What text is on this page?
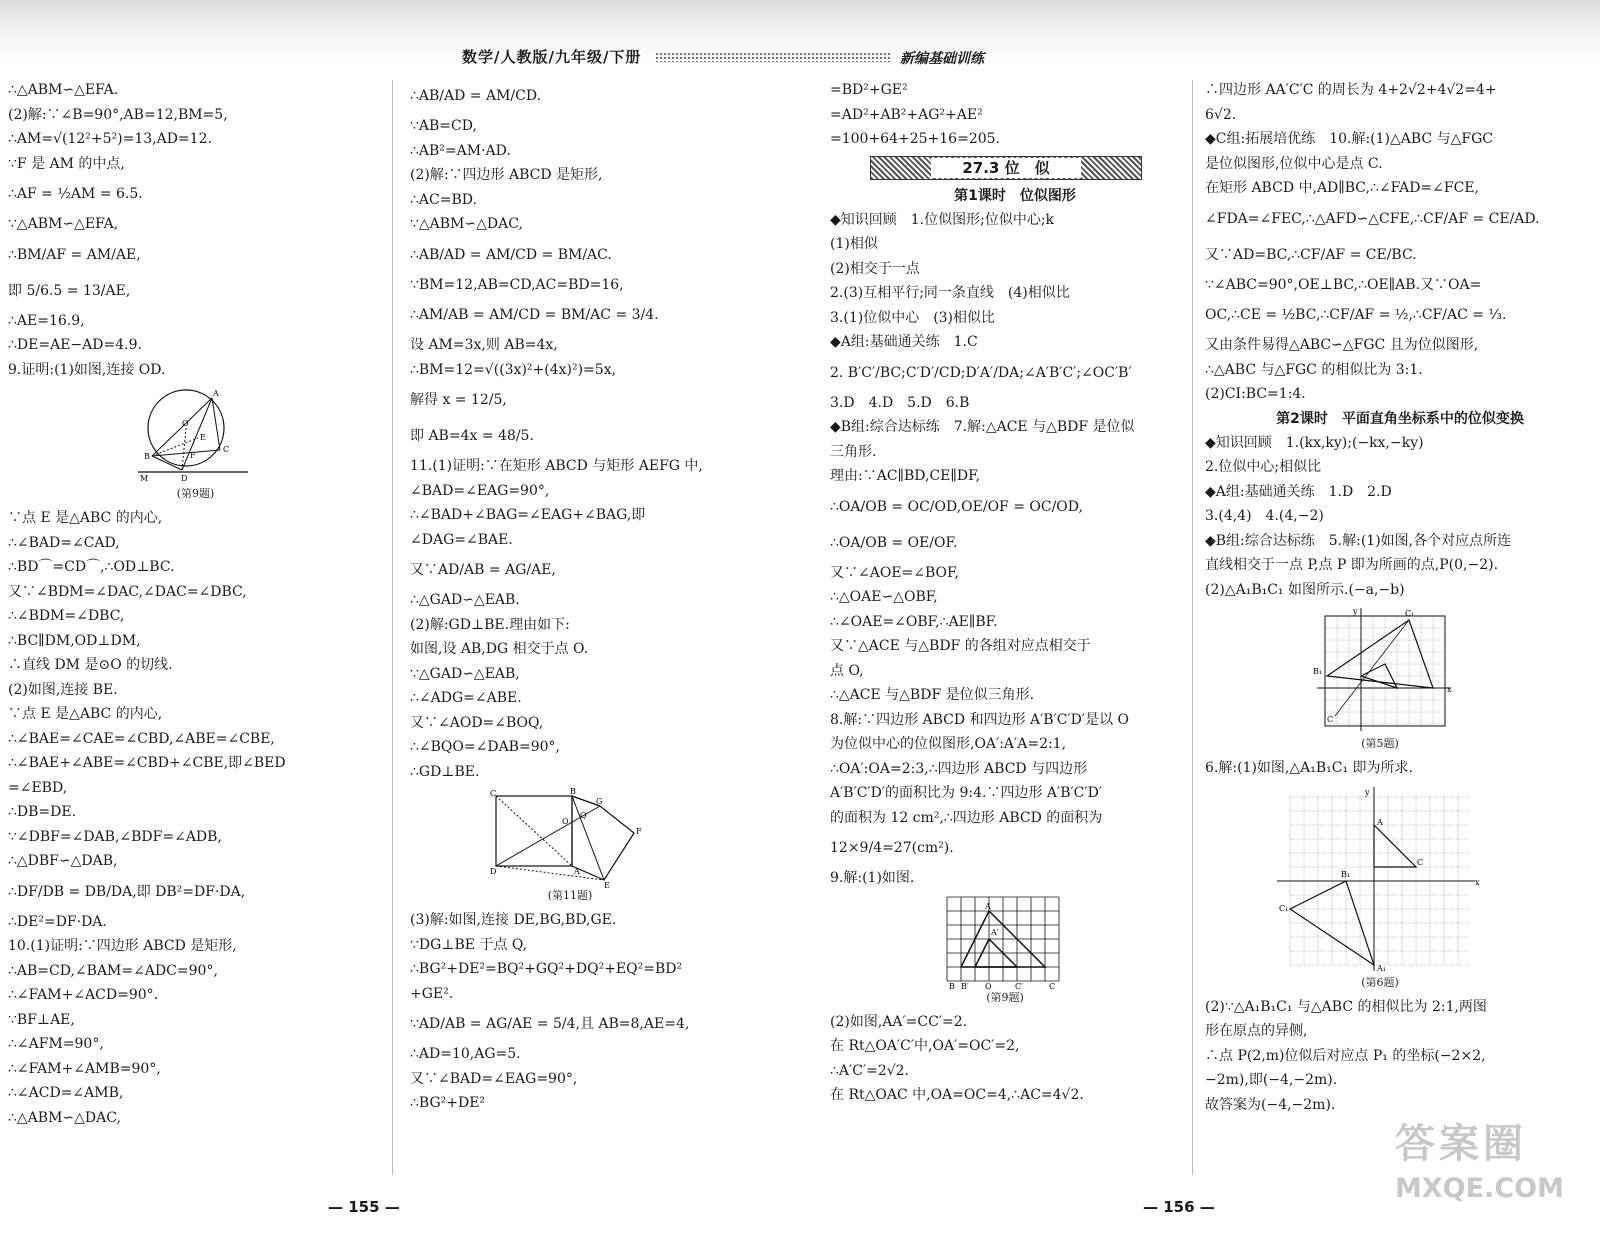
数学/人教版/九年级/下册	新编基础训练
∴△ABM∽△EFA.
(2)解:∵∠B=90°,AB=12,BM=5,
∴AM=√(12²+5²)=13,AD=12.
∵F 是 AM 的中点,
∴AF = ½AM = 6.5.
∵△ABM∽△EFA,
∴BM/AF = AM/AE,
即 5/6.5 = 13/AE,
∴AE=16.9,
∴DE=AE−AD=4.9.
9.证明:(1)如图,连接 OD.
A
B
C
D
E
F
O
M
(第9题)
∵点 E 是△ABC 的内心,
∴∠BAD=∠CAD,
∴BD⌒=CD⌒,∴OD⊥BC.
又∵∠BDM=∠DAC,∠DAC=∠DBC,
∴∠BDM=∠DBC,
∴BC∥DM,OD⊥DM,
∴直线 DM 是⊙O 的切线.
(2)如图,连接 BE.
∵点 E 是△ABC 的内心,
∴∠BAE=∠CAE=∠CBD,∠ABE=∠CBE,
∴∠BAE+∠ABE=∠CBD+∠CBE,即∠BED
=∠EBD,
∴DB=DE.
∵∠DBF=∠DAB,∠BDF=∠ADB,
∴△DBF∽△DAB,
∴DF/DB = DB/DA,即 DB²=DF·DA,
∴DE²=DF·DA.
10.(1)证明:∵四边形 ABCD 是矩形,
∴AB=CD,∠BAM=∠ADC=90°,
∴∠FAM+∠ACD=90°.
∵BF⊥AE,
∴∠AFM=90°,
∴∠FAM+∠AMB=90°,
∴∠ACD=∠AMB,
∴△ABM∽△DAC,
∴AB/AD = AM/CD.
∵AB=CD,
∴AB²=AM·AD.
(2)解:∵四边形 ABCD 是矩形,
∴AC=BD.
∵△ABM∽△DAC,
∴AB/AD = AM/CD = BM/AC.
∵BM=12,AB=CD,AC=BD=16,
∴AM/AB = AM/CD = BM/AC = 3/4.
设 AM=3x,则 AB=4x,
∴BM=12=√((3x)²+(4x)²)=5x,
解得 x = 12/5,
即 AB=4x = 48/5.
11.(1)证明:∵在矩形 ABCD 与矩形 AEFG 中,
∠BAD=∠EAG=90°,
∴∠BAD+∠BAG=∠EAG+∠BAG,即
∠DAG=∠BAE.
又∵AD/AB = AG/AE,
∴△GAD∽△EAB.
(2)解:GD⊥BE.理由如下:
如图,设 AB,DG 相交于点 O.
∵△GAD∽△EAB,
∴∠ADG=∠ABE.
又∵∠AOD=∠BOQ,
∴∠BQO=∠DAB=90°,
∴GD⊥BE.
C	B
G
F
E
D	A
O
Q
(第11题)
(3)解:如图,连接 DE,BG,BD,GE.
∵DG⊥BE 于点 Q,
∴BG²+DE²=BQ²+GQ²+DQ²+EQ²=BD²
+GE².
∵AD/AB = AG/AE = 5/4,且 AB=8,AE=4,
∴AD=10,AG=5.
又∵∠BAD=∠EAG=90°,
∴BG²+DE²
=BD²+GE²
=AD²+AB²+AG²+AE²
=100+64+25+16=205.
27.3 位　似
第1课时　位似图形
◆知识回顾　1.位似图形;位似中心;k
(1)相似
(2)相交于一点
2.(3)互相平行;同一条直线　(4)相似比
3.(1)位似中心　(3)相似比
◆A组:基础通关练　1.C
2. B′C′/BC;C′D′/CD;D′A′/DA;∠A′B′C′;∠OC′B′
3.D　4.D　5.D　6.B
◆B组:综合达标练　7.解:△ACE 与△BDF 是位似
三角形.
理由:∵AC∥BD,CE∥DF,
∴OA/OB = OC/OD,OE/OF = OC/OD,
∴OA/OB = OE/OF.
又∵∠AOE=∠BOF,
∴△OAE∽△OBF,
∴∠OAE=∠OBF,∴AE∥BF.
又∵△ACE 与△BDF 的各组对应点相交于
点 O,
∴△ACE 与△BDF 是位似三角形.
8.解:∵四边形 ABCD 和四边形 A′B′C′D′是以 O
为位似中心的位似图形,OA′:A′A=2:1,
∴OA′:OA=2:3,∴四边形 ABCD 与四边形
A′B′C′D′的面积比为 9:4.∵四边形 A′B′C′D′
的面积为 12 cm²,∴四边形 ABCD 的面积为
12×9/4=27(cm²).
9.解:(1)如图.
A
A′
B B′ O	C′	C
(第9题)
(2)如图,AA′=CC′=2.
在 Rt△OA′C′中,OA′=OC′=2,
∴A′C′=2√2.
在 Rt△OAC 中,OA=OC=4,∴AC=4√2.
∴四边形 AA′C′C 的周长为 4+2√2+4√2=4+
6√2.
◆C组:拓展培优练　10.解:(1)△ABC 与△FGC
是位似图形,位似中心是点 C.
在矩形 ABCD 中,AD∥BC,∴∠FAD=∠FCE,
∠FDA=∠FEC,∴△AFD∽△CFE,∴CF/AF = CE/AD.
又∵AD=BC,∴CF/AF = CE/BC.
∵∠ABC=90°,OE⊥BC,∴OE∥AB.又∵OA=
OC,∴CE = ½BC,∴CF/AF = ½,∴CF/AC = ⅓.
又由条件易得△ABC∽△FGC 且为位似图形,
∴△ABC 与△FGC 的相似比为 3:1.
(2)CI:BC=1:4.
第2课时　平面直角坐标系中的位似变换
◆知识回顾　1.(kx,ky);(−kx,−ky)
2.位似中心;相似比
◆A组:基础通关练　1.D　2.D
3.(4,4)　4.(4,−2)
◆B组:综合达标练　5.解:(1)如图,各个对应点所连
直线相交于一点 P,点 P 即为所画的点,P(0,−2).
(2)△A₁B₁C₁ 如图所示.(−a,−b)
C₁
B₁
C
y
x
(第5题)
6.解:(1)如图,△A₁B₁C₁ 即为所求.
y
x
C
A
C₁
B₁
A₁
(第6题)
(2)∵△A₁B₁C₁ 与△ABC 的相似比为 2:1,两图
形在原点的异侧,
∴点 P(2,m)位似后对应点 P₁ 的坐标(−2×2,
−2m),即(−4,−2m).
故答案为(−4,−2m).
— 155 —	— 156 —
答案圈
MXQE.COM
